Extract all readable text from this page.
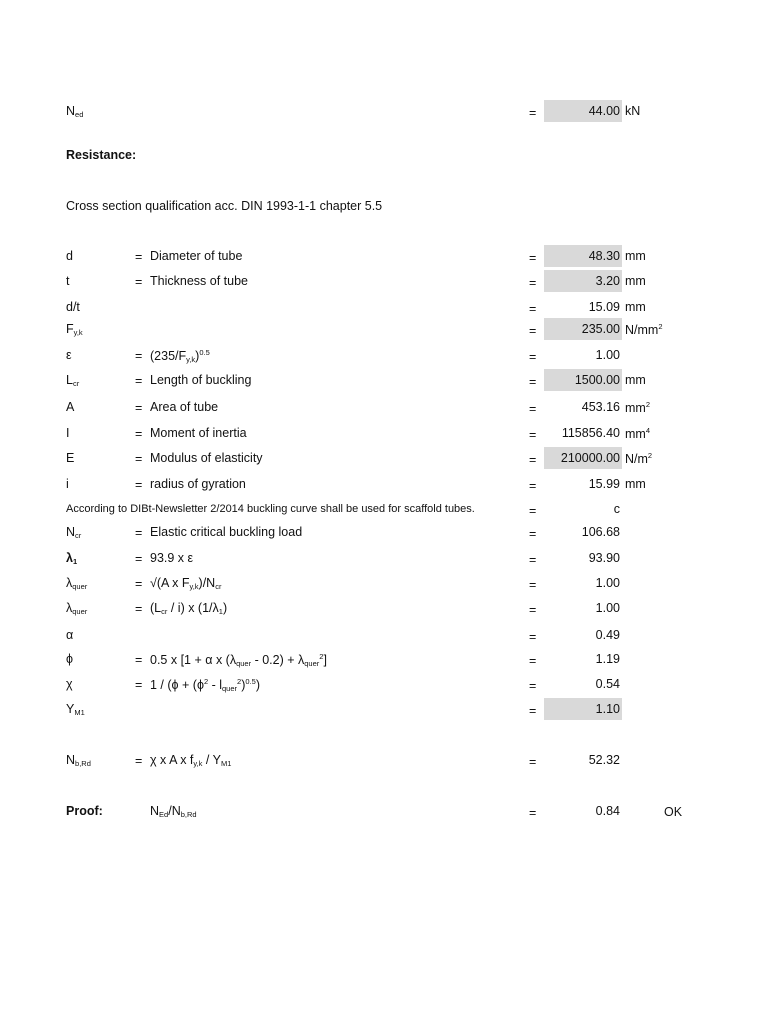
$N_{ed}$	=	44.00 kN
Resistance:
Cross section qualification acc. DIN 1993-1-1 chapter 5.5
d	= Diameter of tube	=	48.30 mm
t	= Thickness of tube	=	3.20 mm
d/t	=	15.09 mm
$F_{y,k}$	=	235.00 $N/mm^2$
ε	= $(235/F_{y,k})^{0.5}$	=	1.00
$L_{cr}$	= Length of buckling	=	1500.00 mm
A	= Area of tube	=	453.16 $mm^2$
I	= Moment of inertia	=	115856.40 $mm^4$
E	= Modulus of elasticity	=	210000.00 $N/m^2$
i	= radius of gyration	=	15.99 mm
According to DIBt-Newsletter 2/2014 buckling curve shall be used for scaffold tubes.	=	c
$N_{cr}$	= Elastic critical buckling load	=	106.68
$\lambda_1$	= 93.9 x ε	=	93.90
$\lambda_{quer}$	= √(A x $F_{y,k})/N_{cr}$	=	1.00
$\lambda_{quer}$	= $(L_{cr} / i)$ x $(1/\lambda_1)$	=	1.00
α	=	0.49
ϕ	= 0.5 x [1 + α x $(\lambda_{quer} - 0.2) + \lambda_{quer}^2$]	=	1.19
χ	= $1 / (\phi + (\phi^2 - l_{quer}^2)^{0.5})$	=	0.54
$Y_{M1}$	=	1.10
$N_{b,Rd}$	= χ x A x $f_{y,k} / Y_{M1}$	=	52.32
Proof:	$N_{Ed}/N_{b,Rd}$	=	0.84	OK
